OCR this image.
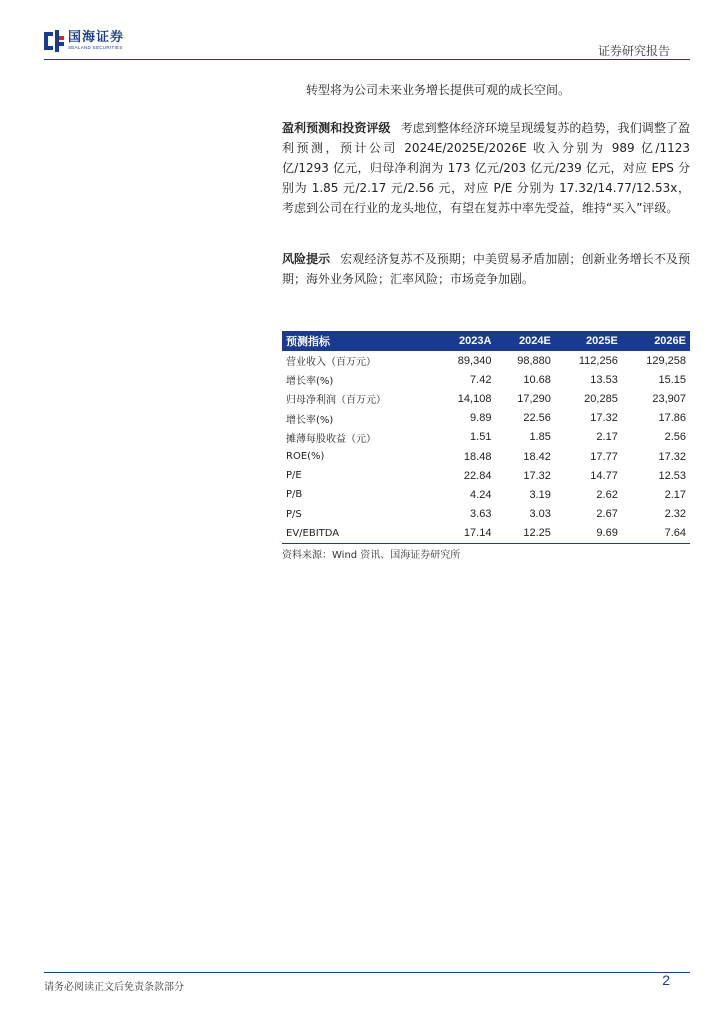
国海证券
SEALAND SECURITIES	证券研究报告
转型将为公司未来业务增长提供可观的成长空间。
盈利预测和投资评级 考虑到整体经济环境呈现缓复苏的趋势，我们调整了盈利预测，预计公司 2024E/2025E/2026E 收入分别为 989 亿/1123 亿/1293 亿元，归母净利润为 173 亿元/203 亿元/239 亿元，对应 EPS 分别为 1.85 元/2.17 元/2.56 元，对应 P/E 分别为 17.32/14.77/12.53x，考虑到公司在行业的龙头地位，有望在复苏中率先受益，维持“买入”评级。
风险提示 宏观经济复苏不及预期；中美贸易矛盾加剧；创新业务增长不及预期；海外业务风险；汇率风险；市场竞争加剧。
预测指标	2023A	2024E	2025E	2026E
营业收入（百万元）	89,340	98,880	112,256	129,258
增长率(%)	7.42	10.68	13.53	15.15
归母净利润（百万元）	14,108	17,290	20,285	23,907
增长率(%)	9.89	22.56	17.32	17.86
摊薄每股收益（元）	1.51	1.85	2.17	2.56
ROE(%)	18.48	18.42	17.77	17.32
P/E	22.84	17.32	14.77	12.53
P/B	4.24	3.19	2.62	2.17
P/S	3.63	3.03	2.67	2.32
EV/EBITDA	17.14	12.25	9.69	7.64
资料来源：Wind 资讯、国海证券研究所
请务必阅读正文后免责条款部分	2
